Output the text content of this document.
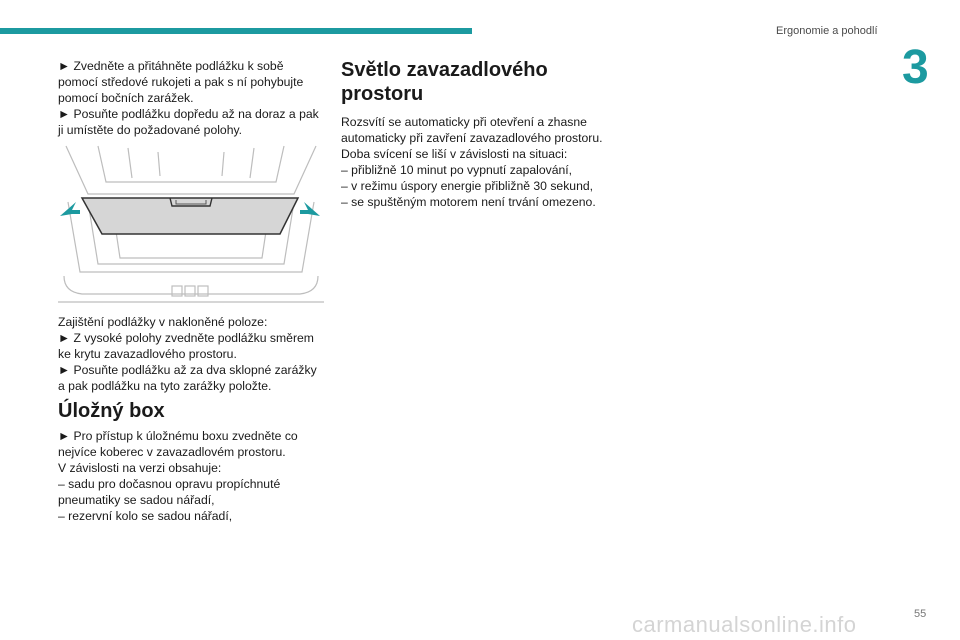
Ergonomie a pohodlí
3

► Zvedněte a přitáhněte podlážku k sobě pomocí středové rukojeti a pak s ní pohybujte pomocí bočních zarážek.

► Posuňte podlážku dopředu až na doraz a pak ji umístěte do požadované polohy.

Zajištění podlážky v nakloněné poloze:

► Z vysoké polohy zvedněte podlážku směrem ke krytu zavazadlového prostoru.

► Posuňte podlážku až za dva sklopné zarážky a pak podlážku na tyto zarážky položte.

Úložný box

► Pro přístup k úložnému boxu zvedněte co nejvíce koberec v zavazadlovém prostoru.

V závislosti na verzi obsahuje:

– sadu pro dočasnou opravu propíchnuté pneumatiky se sadou nářadí,

– rezervní kolo se sadou nářadí,

Světlo zavazadlového prostoru

Rozsvítí se automaticky při otevření a zhasne automaticky při zavření zavazadlového prostoru.

Doba svícení se liší v závislosti na situaci:

– přibližně 10 minut po vypnutí zapalování,

– v režimu úspory energie přibližně 30 sekund,

– se spuštěným motorem není trvání omezeno.

55
carmanualsonline.info
